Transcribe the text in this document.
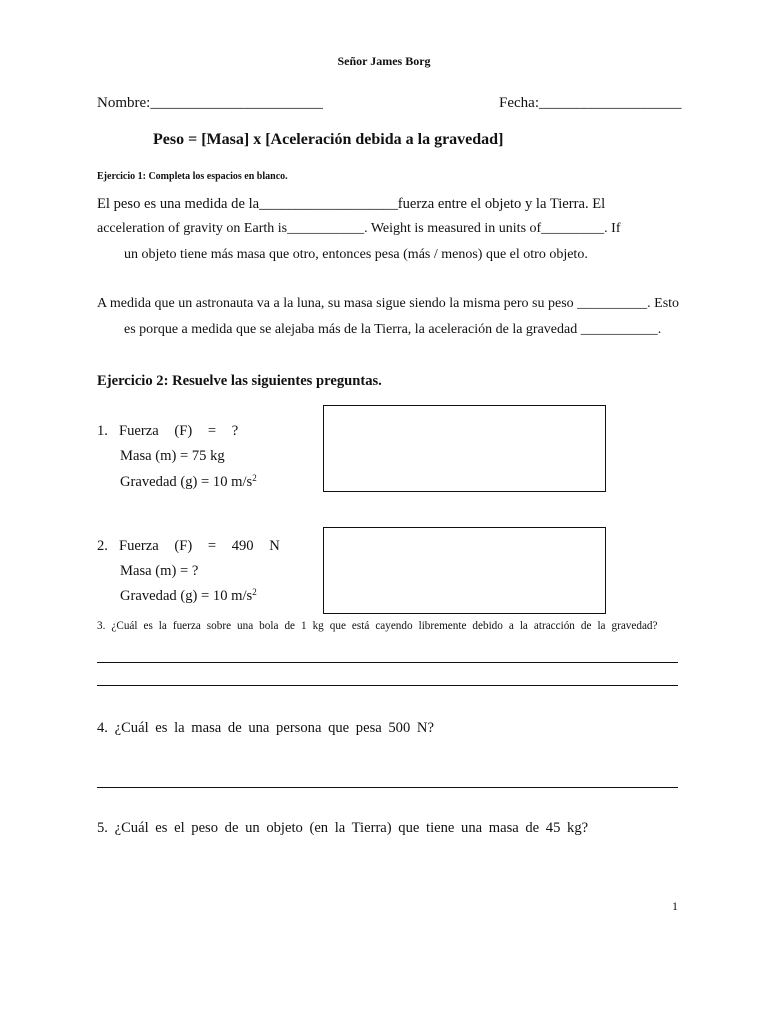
Señor James Borg
Nombre:_______________________	Fecha:___________________
Peso = [Masa] x [Aceleración debida a la gravedad]
Ejercicio 1: Completa los espacios en blanco.
El peso es una medida de la___________________fuerza entre el objeto y la Tierra. El
acceleration of gravity on Earth is___________. Weight is measured in units of_________. If
un objeto tiene más masa que otro, entonces pesa (más / menos) que el otro objeto.
A medida que un astronauta va a la luna, su masa sigue siendo la misma pero su peso __________. Esto
es porque a medida que se alejaba más de la Tierra, la aceleración de la gravedad ___________.
Ejercicio 2: Resuelve las siguientes preguntas.
1. Fuerza (F) = ?
Masa (m) = 75 kg
Gravedad (g) = 10 $m/s^2$
2. Fuerza (F) = 490 N
Masa (m) = ?
Gravedad (g) = 10 $m/s^2$
3. ¿Cuál es la fuerza sobre una bola de 1 kg que está cayendo libremente debido a la atracción de la gravedad?
4. ¿Cuál es la masa de una persona que pesa 500 N?
5. ¿Cuál es el peso de un objeto (en la Tierra) que tiene una masa de 45 kg?
1
